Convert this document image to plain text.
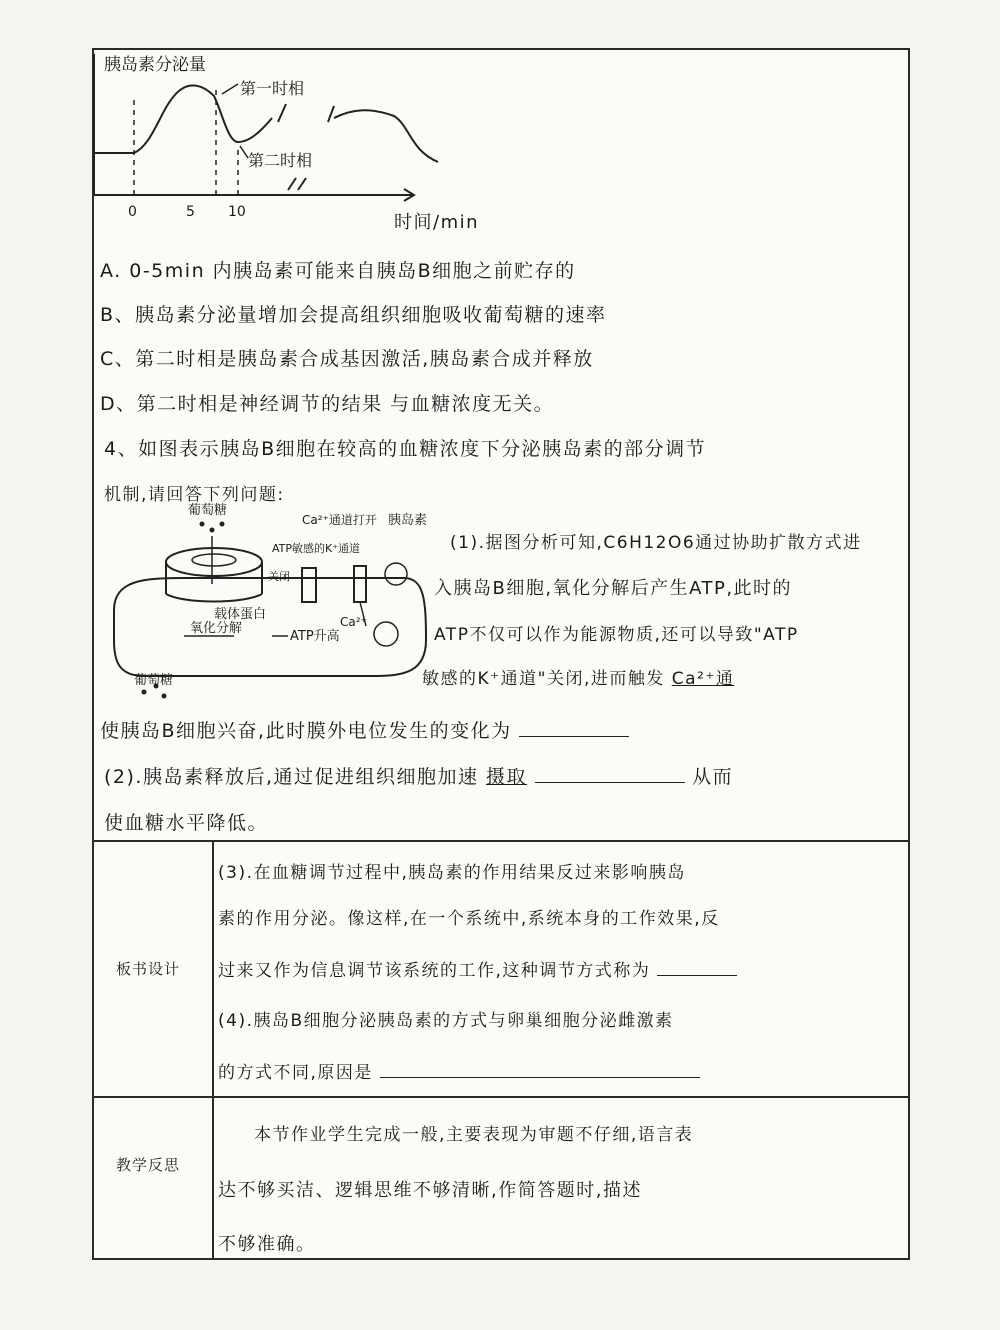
胰岛素分泌量
第一时相
第二时相
0	5 10	时间/min
A. 0-5min 内胰岛素可能来自胰岛B细胞之前贮存的
B、胰岛素分泌量增加会提高组织细胞吸收葡萄糖的速率
C、第二时相是胰岛素合成基因激活,胰岛素合成并释放
D、第二时相是神经调节的结果 与血糖浓度无关。
4、如图表示胰岛B细胞在较高的血糖浓度下分泌胰岛素的部分调节
机制,请回答下列问题:
葡萄糖
ATP敏感的K⁺通道
Ca²⁺通道打开 胰岛素
关闭
载体蛋白
氧化分解
ATP升高
Ca²⁺
葡萄糖
(1).据图分析可知,C6H12O6通过协助扩散方式进
入胰岛B细胞,氧化分解后产生ATP,此时的
ATP不仅可以作为能源物质,还可以导致"ATP
敏感的K⁺通道"关闭,进而触发 Ca²⁺通
使胰岛B细胞兴奋,此时膜外电位发生的变化为
(2).胰岛素释放后,通过促进组织细胞加速 摄取	从而
使血糖水平降低。
板书设计
(3).在血糖调节过程中,胰岛素的作用结果反过来影响胰岛
素的作用分泌。像这样,在一个系统中,系统本身的工作效果,反
过来又作为信息调节该系统的工作,这种调节方式称为
(4).胰岛B细胞分泌胰岛素的方式与卵巢细胞分泌雌激素
的方式不同,原因是
教学反思
本节作业学生完成一般,主要表现为审题不仔细,语言表
达不够买洁、逻辑思维不够清晰,作简答题时,描述
不够准确。
